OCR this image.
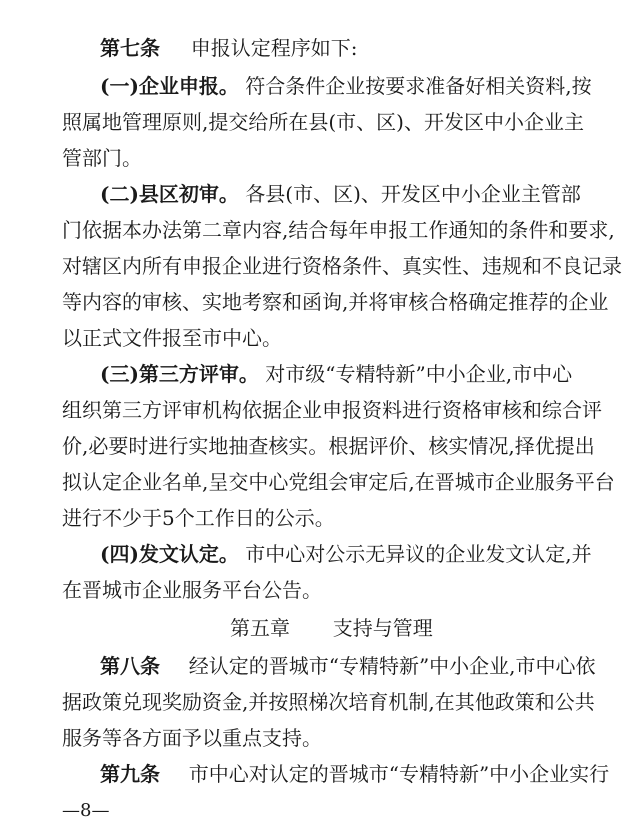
第七条 申报认定程序如下:
(一)企业申报。 符合条件企业按要求准备好相关资料,按
照属地管理原则,提交给所在县(市、区)、开发区中小企业主
管部门。
(二)县区初审。 各县(市、区)、开发区中小企业主管部
门依据本办法第二章内容,结合每年申报工作通知的条件和要求,
对辖区内所有申报企业进行资格条件、真实性、违规和不良记录
等内容的审核、实地考察和函询,并将审核合格确定推荐的企业
以正式文件报至市中心。
(三)第三方评审。 对市级“专精特新”中小企业,市中心
组织第三方评审机构依据企业申报资料进行资格审核和综合评
价,必要时进行实地抽查核实。根据评价、核实情况,择优提出
拟认定企业名单,呈交中心党组会审定后,在晋城市企业服务平台
进行不少于5个工作日的公示。
(四)发文认定。 市中心对公示无异议的企业发文认定,并
在晋城市企业服务平台公告。
第五章 支持与管理
第八条 经认定的晋城市“专精特新”中小企业,市中心依
据政策兑现奖励资金,并按照梯次培育机制,在其他政策和公共
服务等各方面予以重点支持。
第九条 市中心对认定的晋城市“专精特新”中小企业实行
—8—
